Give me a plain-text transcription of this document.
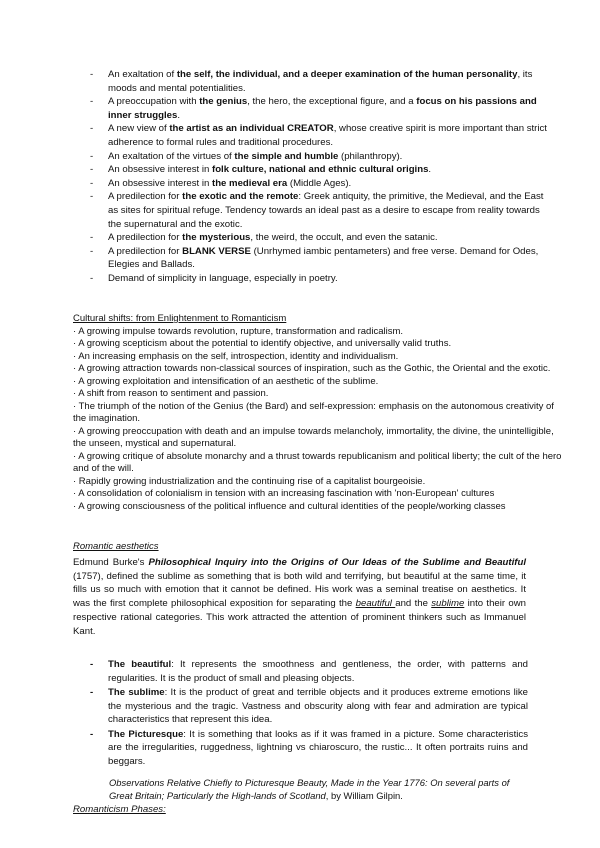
- An exaltation of the self, the individual, and a deeper examination of the human personality, its moods and mental potentialities.
- A preoccupation with the genius, the hero, the exceptional figure, and a focus on his passions and inner struggles.
- A new view of the artist as an individual CREATOR, whose creative spirit is more important than strict adherence to formal rules and traditional procedures.
- An exaltation of the virtues of the simple and humble (philanthropy).
- An obsessive interest in folk culture, national and ethnic cultural origins.
- An obsessive interest in the medieval era (Middle Ages).
- A predilection for the exotic and the remote: Greek antiquity, the primitive, the Medieval, and the East as sites for spiritual refuge. Tendency towards an ideal past as a desire to escape from reality towards the supernatural and the exotic.
- A predilection for the mysterious, the weird, the occult, and even the satanic.
- A predilection for BLANK VERSE (Unrhymed iambic pentameters) and free verse. Demand for Odes, Elegies and Ballads.
- Demand of simplicity in language, especially in poetry.
Cultural shifts: from Enlightenment to Romanticism
· A growing impulse towards revolution, rupture, transformation and radicalism.
· A growing scepticism about the potential to identify objective, and universally valid truths.
· An increasing emphasis on the self, introspection, identity and individualism.
· A growing attraction towards non-classical sources of inspiration, such as the Gothic, the Oriental and the exotic.
· A growing exploitation and intensification of an aesthetic of the sublime.
· A shift from reason to sentiment and passion.
· The triumph of the notion of the Genius (the Bard) and self-expression: emphasis on the autonomous creativity of the imagination.
· A growing preoccupation with death and an impulse towards melancholy, immortality, the divine, the unintelligible, the unseen, mystical and supernatural.
· A growing critique of absolute monarchy and a thrust towards republicanism and political liberty; the cult of the hero and of the will.
· Rapidly growing industrialization and the continuing rise of a capitalist bourgeoisie.
· A consolidation of colonialism in tension with an increasing fascination with 'non-European' cultures
· A growing consciousness of the political influence and cultural identities of the people/working classes
Romantic aesthetics
Edmund Burke's Philosophical Inquiry into the Origins of Our Ideas of the Sublime and Beautiful (1757), defined the sublime as something that is both wild and terrifying, but beautiful at the same time, it fills us so much with emotion that it cannot be defined. His work was a seminal treatise on aesthetics. It was the first complete philosophical exposition for separating the beautiful and the sublime into their own respective rational categories. This work attracted the attention of prominent thinkers such as Immanuel Kant.
- The beautiful: It represents the smoothness and gentleness, the order, with patterns and regularities. It is the product of small and pleasing objects.
- The sublime: It is the product of great and terrible objects and it produces extreme emotions like the mysterious and the tragic. Vastness and obscurity along with fear and admiration are typical characteristics that represent this idea.
- The Picturesque: It is something that looks as if it was framed in a picture. Some characteristics are the irregularities, ruggedness, lightning vs chiaroscuro, the rustic... It often portraits ruins and beggars.
Observations Relative Chiefly to Picturesque Beauty, Made in the Year 1776: On several parts of Great Britain; Particularly the High-lands of Scotland, by William Gilpin.
Romanticism Phases:
